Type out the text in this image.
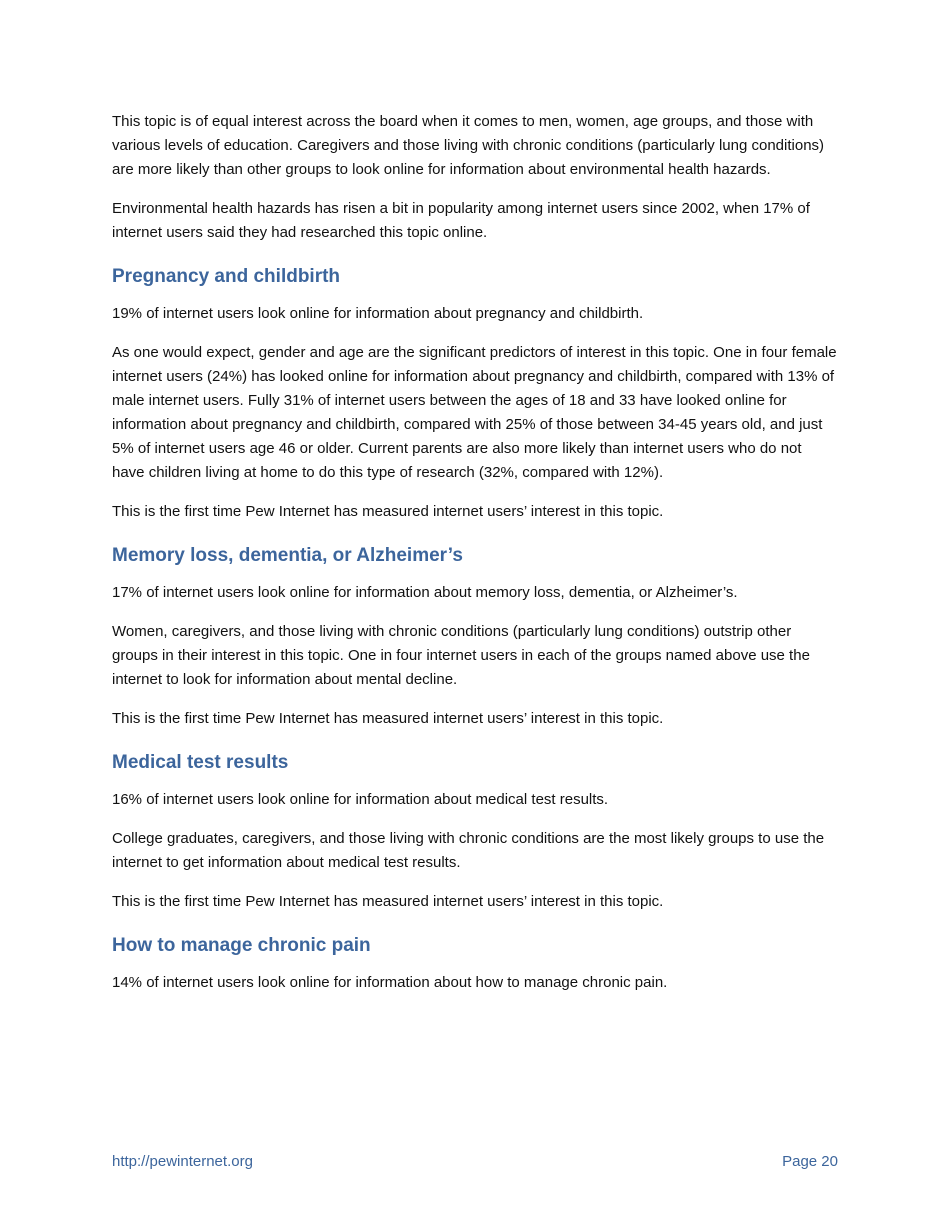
This topic is of equal interest across the board when it comes to men, women, age groups, and those with various levels of education. Caregivers and those living with chronic conditions (particularly lung conditions) are more likely than other groups to look online for information about environmental health hazards.

Environmental health hazards has risen a bit in popularity among internet users since 2002, when 17% of internet users said they had researched this topic online.

Pregnancy and childbirth

19% of internet users look online for information about pregnancy and childbirth.

As one would expect, gender and age are the significant predictors of interest in this topic. One in four female internet users (24%) has looked online for information about pregnancy and childbirth, compared with 13% of male internet users. Fully 31% of internet users between the ages of 18 and 33 have looked online for information about pregnancy and childbirth, compared with 25% of those between 34-45 years old, and just 5% of internet users age 46 or older. Current parents are also more likely than internet users who do not have children living at home to do this type of research (32%, compared with 12%).

This is the first time Pew Internet has measured internet users’ interest in this topic.

Memory loss, dementia, or Alzheimer’s

17% of internet users look online for information about memory loss, dementia, or Alzheimer’s.

Women, caregivers, and those living with chronic conditions (particularly lung conditions) outstrip other groups in their interest in this topic. One in four internet users in each of the groups named above use the internet to look for information about mental decline.

This is the first time Pew Internet has measured internet users’ interest in this topic.

Medical test results

16% of internet users look online for information about medical test results.

College graduates, caregivers, and those living with chronic conditions are the most likely groups to use the internet to get information about medical test results.

This is the first time Pew Internet has measured internet users’ interest in this topic.

How to manage chronic pain

14% of internet users look online for information about how to manage chronic pain.

http://pewinternet.org	Page 20
